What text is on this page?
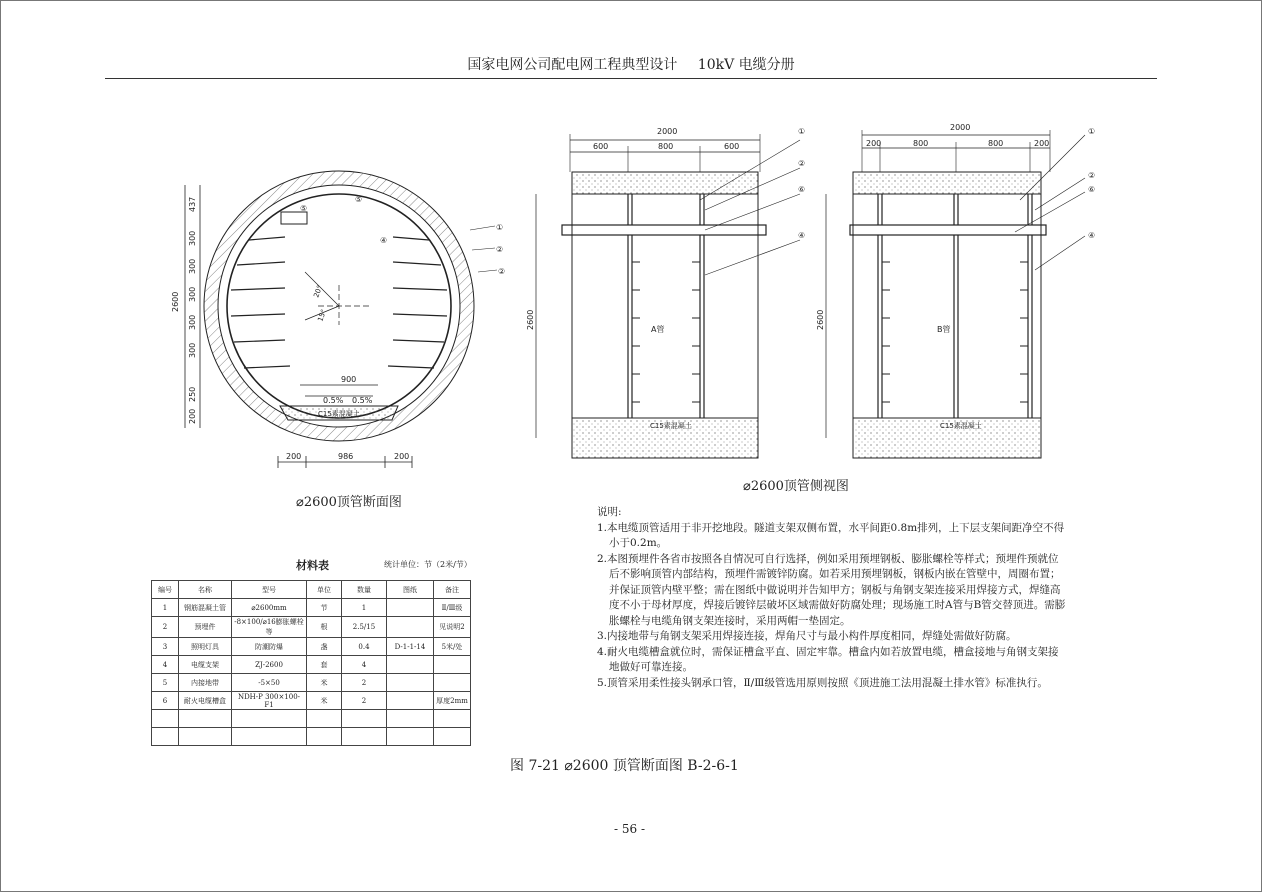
国家电网公司配电网工程典型设计 10kV 电缆分册
2600
437
300
300
300
300
300
250
200
200	986	200
900
0.5% 0.5%
C15素混凝土
20°
15°
①
②
②
⑤
⑤
④
2000
600	800	600
2600	A管
C15素混凝土
①
②
⑥
④
2000
200	800	800	200
2600	B管
C15素混凝土
①
②
⑥
④
⌀2600顶管断面图
⌀2600顶管侧视图
说明:
1.本电缆顶管适用于非开挖地段。隧道支架双侧布置，水平间距0.8m排列，上下层支架间距净空不得小于0.2m。
2.本图预埋件各省市按照各自情况可自行选择，例如采用预埋钢板、膨胀螺栓等样式；预埋件预就位后不影响顶管内部结构，预埋件需镀锌防腐。如若采用预埋钢板，钢板内嵌在管壁中，周圈布置；并保证顶管内壁平整；需在图纸中做说明并告知甲方；钢板与角钢支架连接采用焊接方式，焊缝高度不小于母材厚度，焊接后镀锌层破坏区域需做好防腐处理；现场施工时A管与B管交替顶进。需膨胀螺栓与电缆角钢支架连接时，采用两帽一垫固定。
3.内接地带与角钢支架采用焊接连接，焊角尺寸与最小构件厚度相同，焊缝处需做好防腐。
4.耐火电缆槽盒就位时，需保证槽盒平直、固定牢靠。槽盒内如若放置电缆，槽盒接地与角钢支架接地做好可靠连接。
5.顶管采用柔性接头钢承口管，Ⅱ/Ⅲ级管选用原则按照《顶进施工法用混凝土排水管》标准执行。
材料表	统计单位：节（2米/节）
编号	名称	型号	单位	数量	图纸	备注
1	钢筋混凝土管	⌀2600mm	节	1		Ⅱ/Ⅲ级
2	预埋件	-8×100/⌀16膨胀螺栓等	根	2.5/15		见说明2
3	照明灯具	防潮防爆	盏	0.4	D-1-1-14	5米/处
4	电缆支架	ZJ-2600	套	4		
5	内接地带	-5×50	米	2		
6	耐火电缆槽盒	NDH-P 300×100-F1	米	2		厚度2mm

图 7-21 ⌀2600 顶管断面图 B-2-6-1
- 56 -
